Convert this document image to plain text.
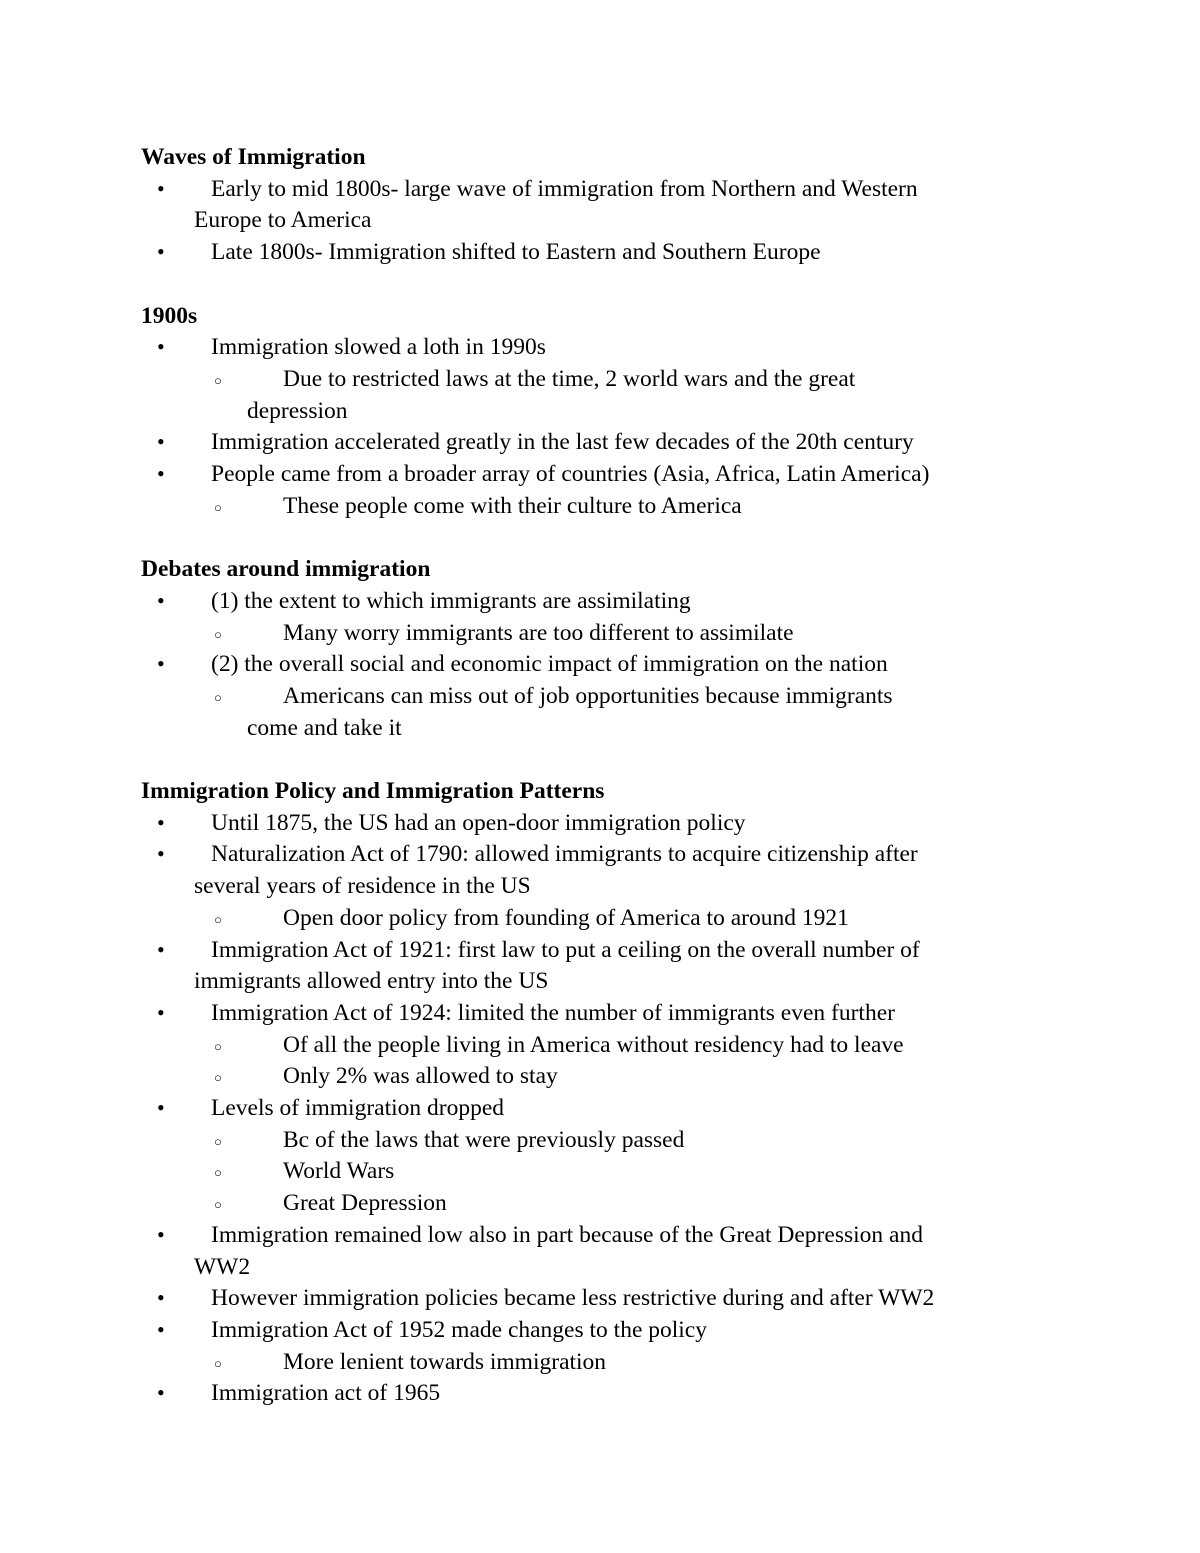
Waves of Immigration
• Early to mid 1800s- large wave of immigration from Northern and Western
Europe to America
• Late 1800s- Immigration shifted to Eastern and Southern Europe
1900s
• Immigration slowed a loth in 1990s
○	Due to restricted laws at the time, 2 world wars and the great
depression
• Immigration accelerated greatly in the last few decades of the 20th century
• People came from a broader array of countries (Asia, Africa, Latin America)
○	These people come with their culture to America
Debates around immigration
• (1) the extent to which immigrants are assimilating
○	Many worry immigrants are too different to assimilate
• (2) the overall social and economic impact of immigration on the nation
○	Americans can miss out of job opportunities because immigrants
come and take it
Immigration Policy and Immigration Patterns
• Until 1875, the US had an open-door immigration policy
• Naturalization Act of 1790: allowed immigrants to acquire citizenship after
several years of residence in the US
○	Open door policy from founding of America to around 1921
• Immigration Act of 1921: first law to put a ceiling on the overall number of
immigrants allowed entry into the US
• Immigration Act of 1924: limited the number of immigrants even further
○	Of all the people living in America without residency had to leave
○	Only 2% was allowed to stay
• Levels of immigration dropped
○	Bc of the laws that were previously passed
○	World Wars
○	Great Depression
• Immigration remained low also in part because of the Great Depression and
WW2
• However immigration policies became less restrictive during and after WW2
• Immigration Act of 1952 made changes to the policy
○	More lenient towards immigration
• Immigration act of 1965
